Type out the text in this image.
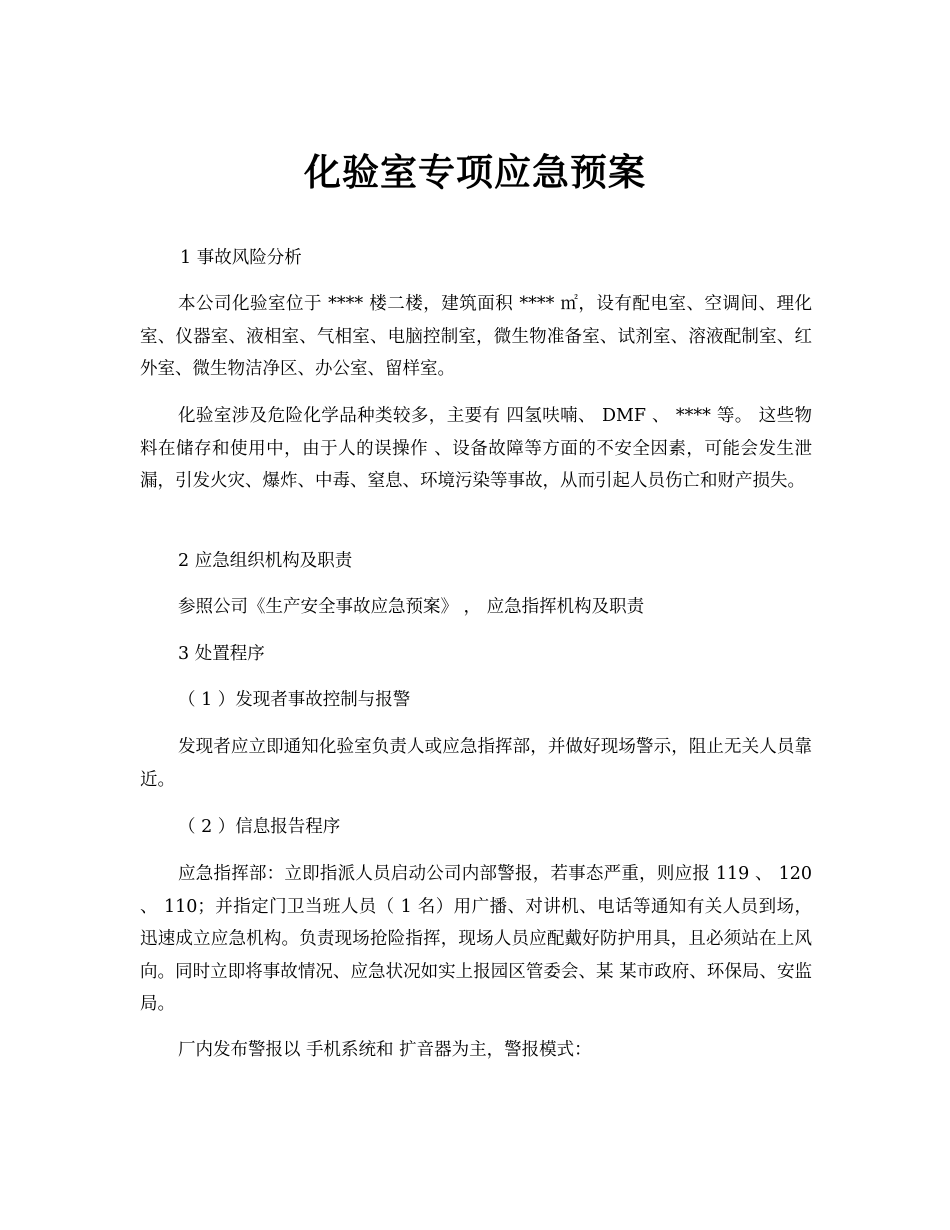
化验室专项应急预案
1 事故风险分析
本公司化验室位于 **** 楼二楼，建筑面积 **** ㎡，设有配电室、空调间、理化室、仪器室、液相室、气相室、电脑控制室，微生物准备室、试剂室、溶液配制室、红外室、微生物洁净区、办公室、留样室。
化验室涉及危险化学品种类较多，主要有 四氢呋喃、 DMF 、 **** 等。 这些物料在储存和使用中，由于人的误操作 、设备故障等方面的不安全因素，可能会发生泄漏，引发火灾、爆炸、中毒、窒息、环境污染等事故，从而引起人员伤亡和财产损失。
2 应急组织机构及职责
参照公司《生产安全事故应急预案》 ， 应急指挥机构及职责
3 处置程序
（ 1 ）发现者事故控制与报警
发现者应立即通知化验室负责人或应急指挥部，并做好现场警示，阻止无关人员靠近。
（ 2 ）信息报告程序
应急指挥部：立即指派人员启动公司内部警报，若事态严重，则应报 119 、 120 、 110；并指定门卫当班人员（ 1 名）用广播、对讲机、电话等通知有关人员到场，迅速成立应急机构。负责现场抢险指挥，现场人员应配戴好防护用具，且必须站在上风向。同时立即将事故情况、应急状况如实上报园区管委会、某 某市政府、环保局、安监局。
厂内发布警报以 手机系统和 扩音器为主，警报模式：
